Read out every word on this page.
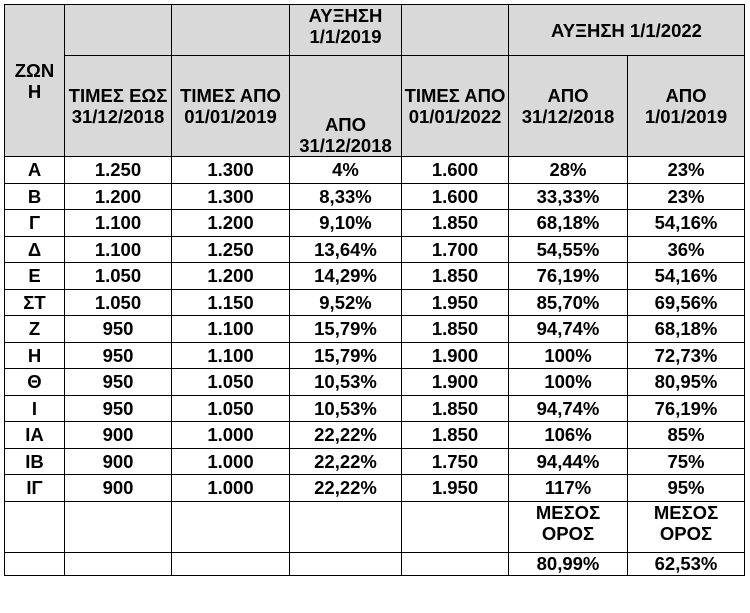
ΖΩΝ Η			ΑΥΞΗΣΗ 1/1/2019		ΑΥΞΗΣΗ 1/1/2022	
	ΤΙΜΕΣ ΕΩΣ 31/12/2018	ΤΙΜΕΣ ΑΠΟ 01/01/2019	ΑΠΟ 31/12/2018	ΤΙΜΕΣ ΑΠΟ 01/01/2022	ΑΠΟ 31/12/2018	ΑΠΟ 1/01/2019
Α	1.250	1.300	4%	1.600	28%	23%
Β	1.200	1.300	8,33%	1.600	33,33%	23%
Γ	1.100	1.200	9,10%	1.850	68,18%	54,16%
Δ	1.100	1.250	13,64%	1.700	54,55%	36%
Ε	1.050	1.200	14,29%	1.850	76,19%	54,16%
ΣΤ	1.050	1.150	9,52%	1.950	85,70%	69,56%
Ζ	950	1.100	15,79%	1.850	94,74%	68,18%
Η	950	1.100	15,79%	1.900	100%	72,73%
Θ	950	1.050	10,53%	1.900	100%	80,95%
Ι	950	1.050	10,53%	1.850	94,74%	76,19%
ΙΑ	900	1.000	22,22%	1.850	106%	85%
ΙΒ	900	1.000	22,22%	1.750	94,44%	75%
ΙΓ	900	1.000	22,22%	1.950	117%	95%
					ΜΕΣΟΣ ΟΡΟΣ	ΜΕΣΟΣ ΟΡΟΣ
					80,99%	62,53%
